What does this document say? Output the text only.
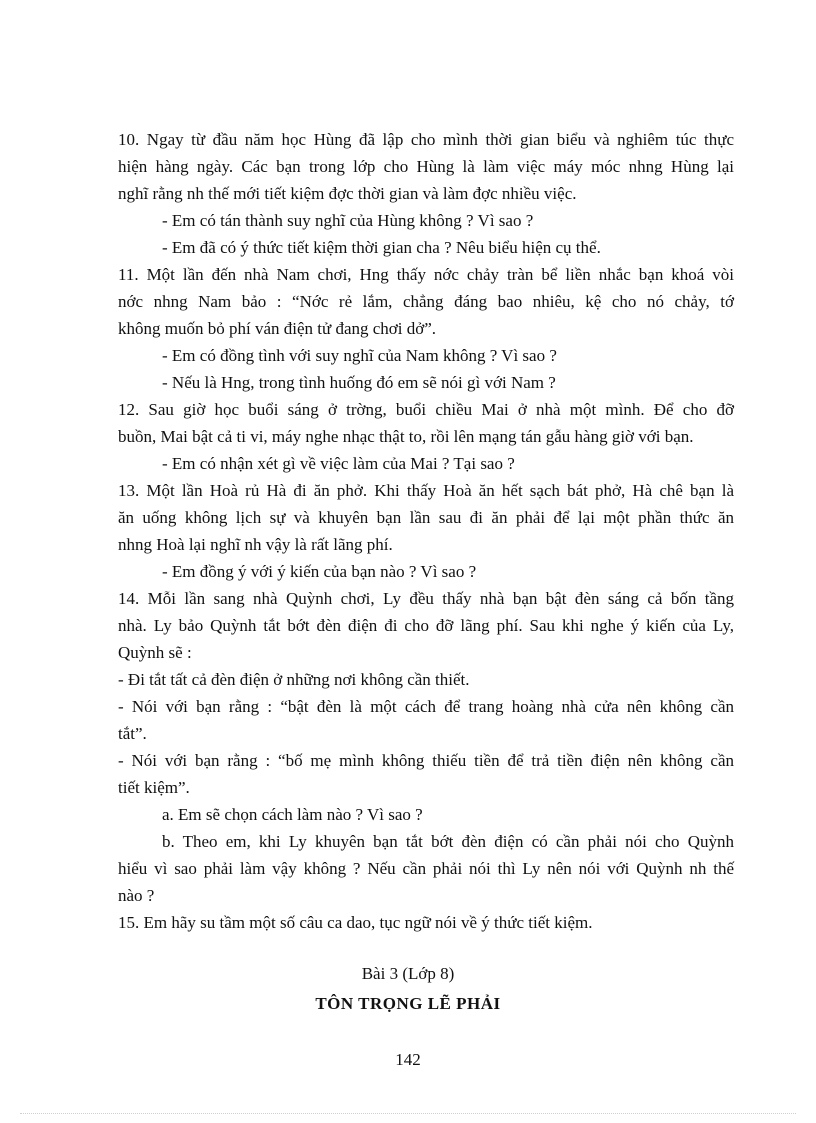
10. Ngay từ đầu năm học Hùng đã lập cho mình thời gian biểu và nghiêm túc thực
hiện hàng ngày. Các bạn trong lớp cho Hùng là làm việc máy móc nhng Hùng lại
nghĩ rằng nh thế mới tiết kiệm đợc thời gian và làm đợc nhiều việc.
- Em có tán thành suy nghĩ của Hùng không ? Vì sao ?
- Em đã có ý thức tiết kiệm thời gian cha ? Nêu biểu hiện cụ thể.
11. Một lần đến nhà Nam chơi, Hng thấy nớc chảy tràn bể liền nhắc bạn khoá vòi
nớc nhng Nam bảo : “Nớc rẻ lắm, chẳng đáng bao nhiêu, kệ cho nó chảy, tớ
không muốn bỏ phí ván điện tử đang chơi dở”.
- Em có đồng tình với suy nghĩ của Nam không ? Vì sao ?
- Nếu là Hng, trong tình huống đó em sẽ nói gì với Nam ?
12. Sau giờ học buổi sáng ở trờng, buổi chiều Mai ở nhà một mình. Để cho đỡ
buồn, Mai bật cả ti vi, máy nghe nhạc thật to, rồi lên mạng tán gẫu hàng giờ với bạn.
- Em có nhận xét gì về việc làm của Mai ? Tại sao ?
13. Một lần Hoà rủ Hà đi ăn phở. Khi thấy Hoà ăn hết sạch bát phở, Hà chê bạn là
ăn uống không lịch sự và khuyên bạn lần sau đi ăn phải để lại một phần thức ăn
nhng Hoà lại nghĩ nh vậy là rất lãng phí.
- Em đồng ý với ý kiến của bạn nào ? Vì sao ?
14. Mỗi lần sang nhà Quỳnh chơi, Ly đều thấy nhà bạn bật đèn sáng cả bốn tầng
nhà. Ly bảo Quỳnh tắt bớt đèn điện đi cho đỡ lãng phí. Sau khi nghe ý kiến của Ly,
Quỳnh sẽ :
- Đi tắt tất cả đèn điện ở những nơi không cần thiết.
- Nói với bạn rằng : “bật đèn là một cách để trang hoàng nhà cửa nên không cần
tắt”.
- Nói với bạn rằng : “bố mẹ mình không thiếu tiền để trả tiền điện nên không cần
tiết kiệm”.
a. Em sẽ chọn cách làm nào ? Vì sao ?
b. Theo em, khi Ly khuyên bạn tắt bớt đèn điện có cần phải nói cho Quỳnh
hiểu vì sao phải làm vậy không ? Nếu cần phải nói thì Ly nên nói với Quỳnh nh thế
nào ?
15. Em hãy su tầm một số câu ca dao, tục ngữ nói về ý thức tiết kiệm.
Bài 3 (Lớp 8)
TÔN TRỌNG LẼ PHẢI
142
